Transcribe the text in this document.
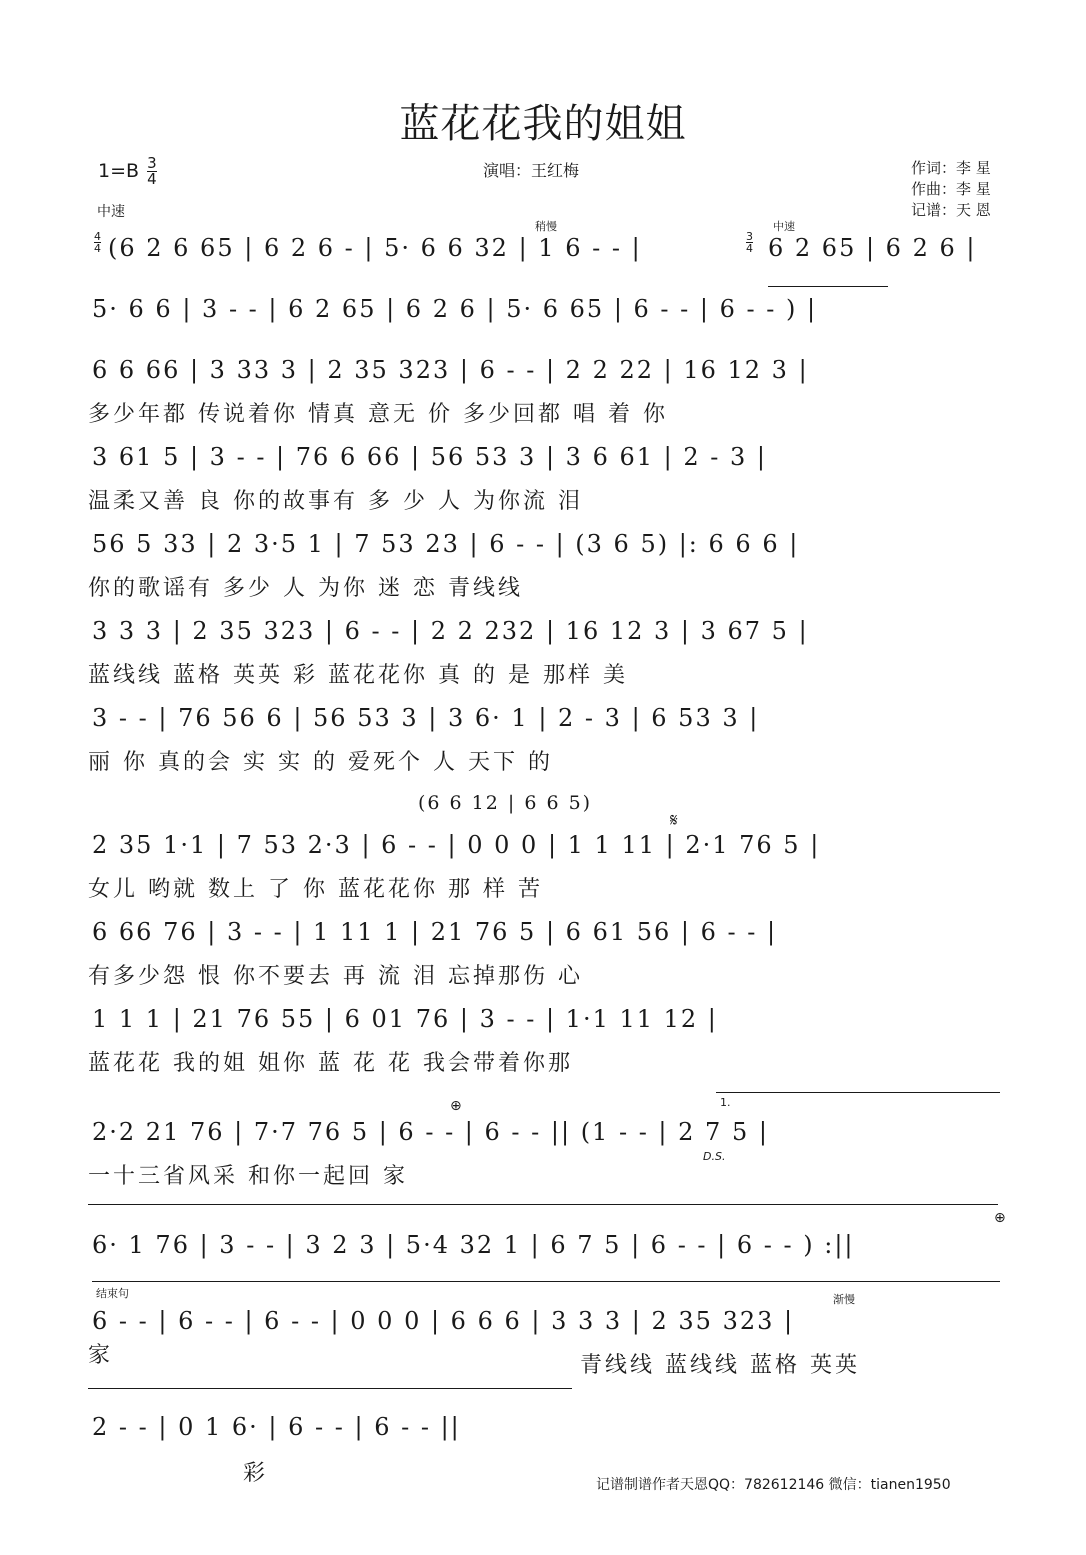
蓝花花我的姐姐
$1=B \frac{3}{4}$	演唱：王红梅	作词：李 星
作曲：李 星
记谱：天 恩
中速
稍慢	中速
$\frac{4}{4} (6$ 2 6 65 | 6 2 6 - | 5· 6 6 32 | 1 6 - - |	$\frac{3}{4} 6$ 2 65 | 6 2 6 |
5· 6 6 | 3 - - | 6 2 65 | 6 2 6 | 5· 6 65 | 6 - - | 6 - - ) |
6 6 66 | 3 33 3 | 2 35 323 | 6 - - | 2 2 22 | 16 12 3 |
多少年都 传说着你 情真 意无 价 多少回都 唱 着 你
3 61 5 | 3 - - | 76 6 66 | 56 53 3 | 3 6 61 | 2 - 3 |
温柔又善 良 你的故事有 多 少 人 为你流 泪
56 5 33 | 2 3·5 1 | 7 53 23 | 6 - - | (3 6 5) |: 6 6 6 |
你的歌谣有 多少 人 为你 迷 恋 青线线
3 3 3 | 2 35 323 | 6 - - | 2 2 232 | 16 12 3 | 3 67 5 |
蓝线线 蓝格 英英 彩 蓝花花你 真 的 是 那样 美
3 - - | 76 56 6 | 56 53 3 | 3 6· 1 | 2 - 3 | 6 53 3 |
丽 你 真的会 实 实 的 爱死个 人 天下 的
(6 6 12 | 6 6 5)
𝄋
2 35 1·1 | 7 53 2·3 | 6 - - | 0 0 0 | 1 1 11 | 2·1 76 5 |
女儿 哟就 数上 了 你 蓝花花你 那 样 苦
6 66 76 | 3 - - | 1 11 1 | 21 76 5 | 6 61 56 | 6 - - |
有多少怨 恨 你不要去 再 流 泪 忘掉那伤 心
1 1 1 | 21 76 55 | 6 01 76 | 3 - - | 1·1 11 12 |
蓝花花 我的姐 姐你 蓝 花 花 我会带着你那
1.
⊕
2·2 21 76 | 7·7 76 5 | 6 - - | 6 - - || (1 - - | 2 7 5 |
D.S.
一十三省风采 和你一起回 家
⊕
6· 1 76 | 3 - - | 3 2 3 | 5·4 32 1 | 6 7 5 | 6 - - | 6 - - ) :||
结束句	渐慢
6 - - | 6 - - | 6 - - | 0 0 0 | 6 6 6 | 3 3 3 | 2 35 323 |
家	青线线 蓝线线 蓝格 英英
2 - - | 0 1 6· | 6 - - | 6 - - ||
彩	记谱制谱作者天恩QQ：782612146 微信：tianen1950
